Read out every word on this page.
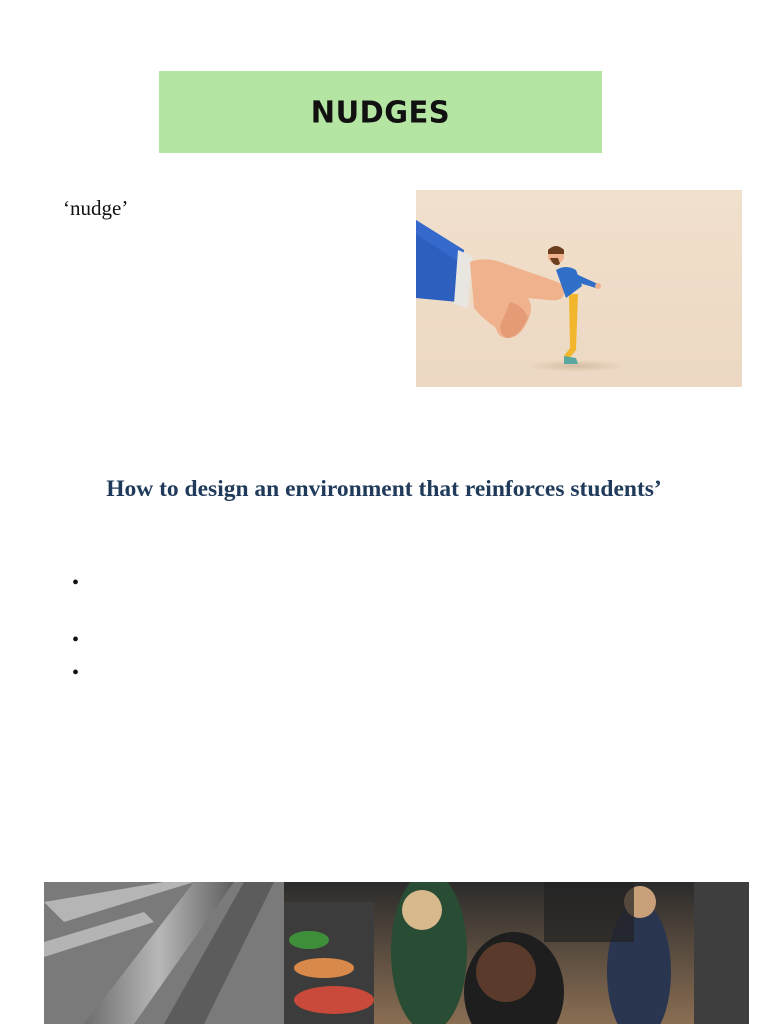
NUDGES
‘nudge’
How to design an environment that reinforces students’
•
•
•
